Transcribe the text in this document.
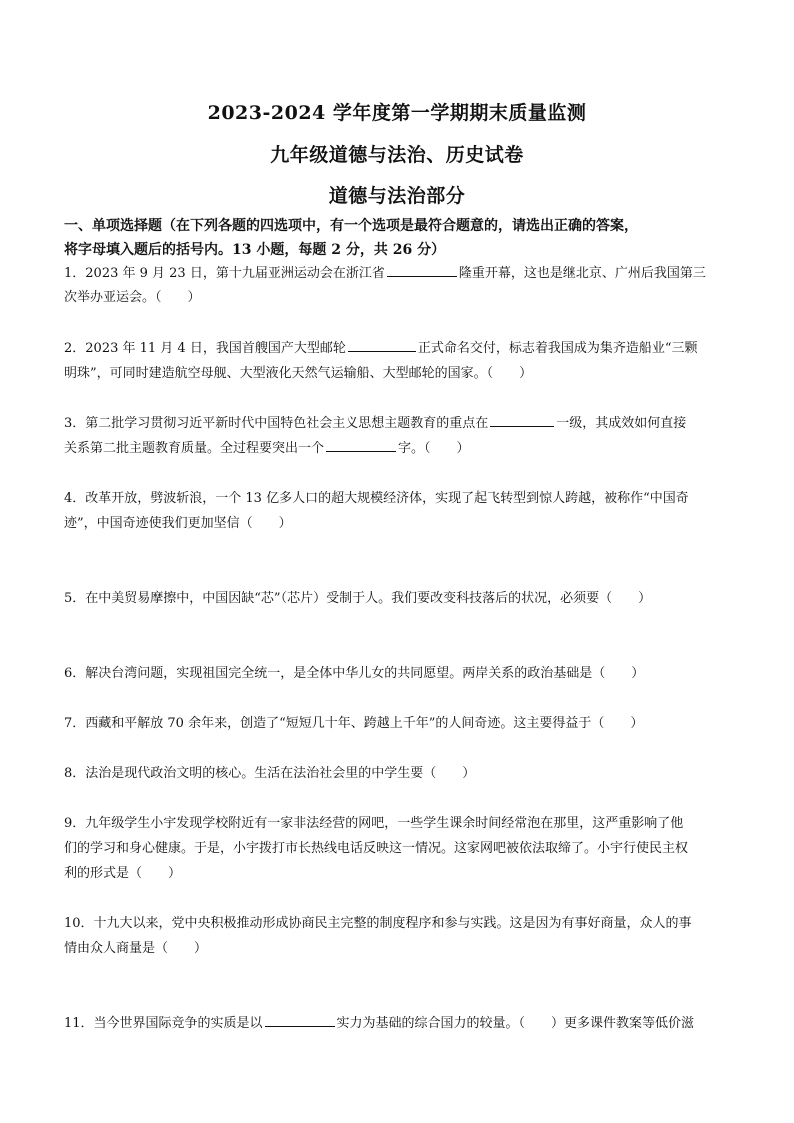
2023-2024 学年度第一学期期末质量监测
九年级道德与法治、历史试卷
道德与法治部分
一、单项选择题（在下列各题的四选项中，有一个选项是最符合题意的，请选出正确的答案，
将字母填入题后的括号内。13 小题，每题 2 分，共 26 分）
1．2023 年 9 月 23 日，第十九届亚洲运动会在浙江省	隆重开幕，这也是继北京、广州后我国第三
次举办亚运会。（　　）
2．2023 年 11 月 4 日，我国首艘国产大型邮轮	正式命名交付，标志着我国成为集齐造船业“三颗
明珠”，可同时建造航空母舰、大型液化天然气运输船、大型邮轮的国家。（　　）
3．第二批学习贯彻习近平新时代中国特色社会主义思想主题教育的重点在	一级，其成效如何直接
关系第二批主题教育质量。全过程要突出一个	字。（　　）
4．改革开放，劈波斩浪，一个 13 亿多人口的超大规模经济体，实现了起飞转型到惊人跨越，被称作“中国奇
迹”，中国奇迹使我们更加坚信（　　）
5．在中美贸易摩擦中，中国因缺“芯”（芯片）受制于人。我们要改变科技落后的状况，必须要（　　）
6．解决台湾问题，实现祖国完全统一，是全体中华儿女的共同愿望。两岸关系的政治基础是（　　）
7．西藏和平解放 70 余年来，创造了“短短几十年、跨越上千年”的人间奇迹。这主要得益于（　　）
8．法治是现代政治文明的核心。生活在法治社会里的中学生要（　　）
9．九年级学生小宇发现学校附近有一家非法经营的网吧，一些学生课余时间经常泡在那里，这严重影响了他
们的学习和身心健康。于是，小宇拨打市长热线电话反映这一情况。这家网吧被依法取缔了。小宇行使民主权
利的形式是（　　）
10．十九大以来，党中央积极推动形成协商民主完整的制度程序和参与实践。这是因为有事好商量，众人的事
情由众人商量是（　　）
11．当今世界国际竞争的实质是以	实力为基础的综合国力的较量。（　　）更多课件教案等低价滋
